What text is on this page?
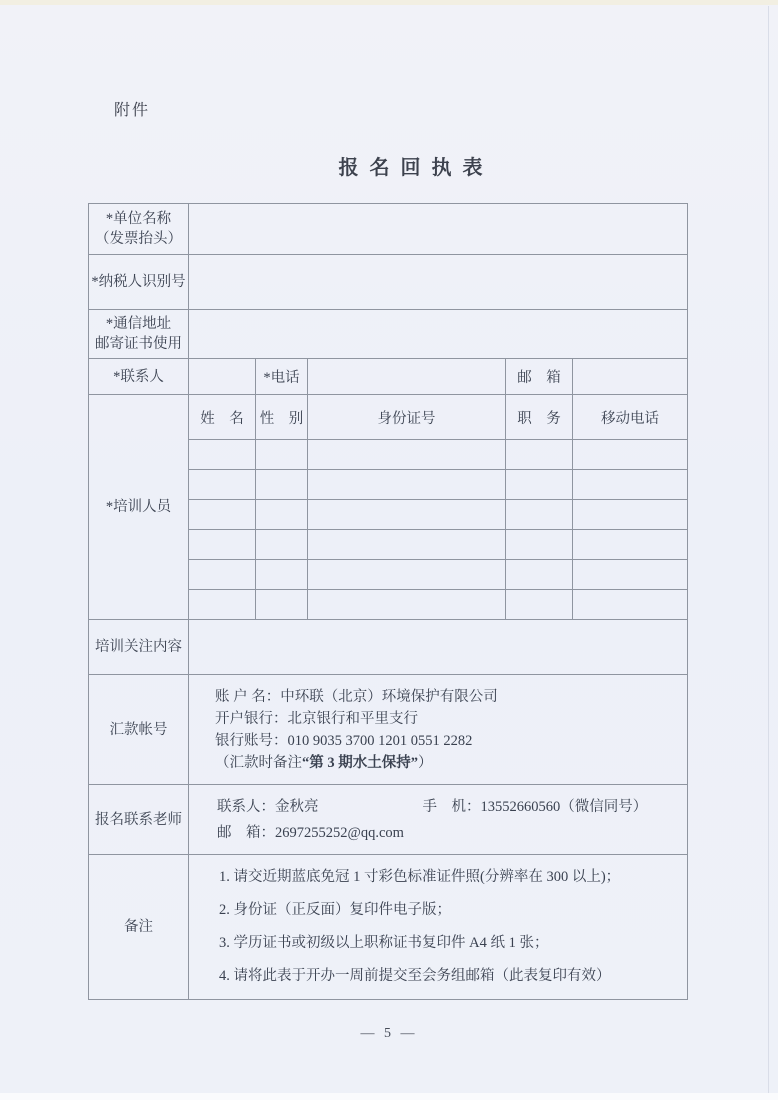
附件
报 名 回 执 表
*单位名称
（发票抬头）					

*纳税人识别号					

*通信地址
邮寄证书使用					

*联系人		*电话		邮　箱	
*培训人员	姓　名	性　别	身份证号	职　务	移动电话

培训关注内容					
汇款帐号	账 户 名：中环联（北京）环境保护有限公司
开户银行：北京银行和平里支行
银行账号：010 9035 3700 1201 0551 2282
（汇款时备注“第 3 期水土保持”）				

报名联系老师	联系人：金秋亮 手　机：13552660560（微信同号）
邮　箱：2697255252@qq.com				

备注	1. 请交近期蓝底免冠 1 寸彩色标准证件照(分辨率在 300 以上)；
2. 身份证（正反面）复印件电子版；
3. 学历证书或初级以上职称证书复印件 A4 纸 1 张；
4. 请将此表于开办一周前提交至会务组邮箱（此表复印有效）				
— 5 —
